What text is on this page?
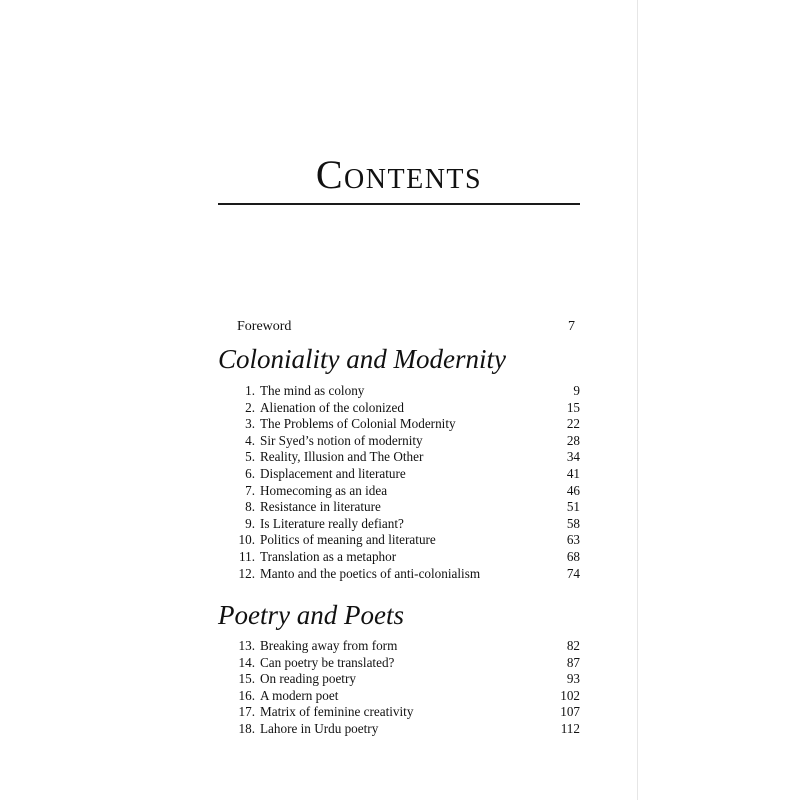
Contents
Foreword	7
Coloniality and Modernity
1. The mind as colony	9
2. Alienation of the colonized	15
3. The Problems of Colonial Modernity	22
4. Sir Syed’s notion of modernity	28
5. Reality, Illusion and The Other	34
6. Displacement and literature	41
7. Homecoming as an idea	46
8. Resistance in literature	51
9. Is Literature really defiant?	58
10. Politics of meaning and literature	63
11. Translation as a metaphor	68
12. Manto and the poetics of anti-colonialism	74
Poetry and Poets
13. Breaking away from form	82
14. Can poetry be translated?	87
15. On reading poetry	93
16. A modern poet	102
17. Matrix of feminine creativity	107
18. Lahore in Urdu poetry	112
